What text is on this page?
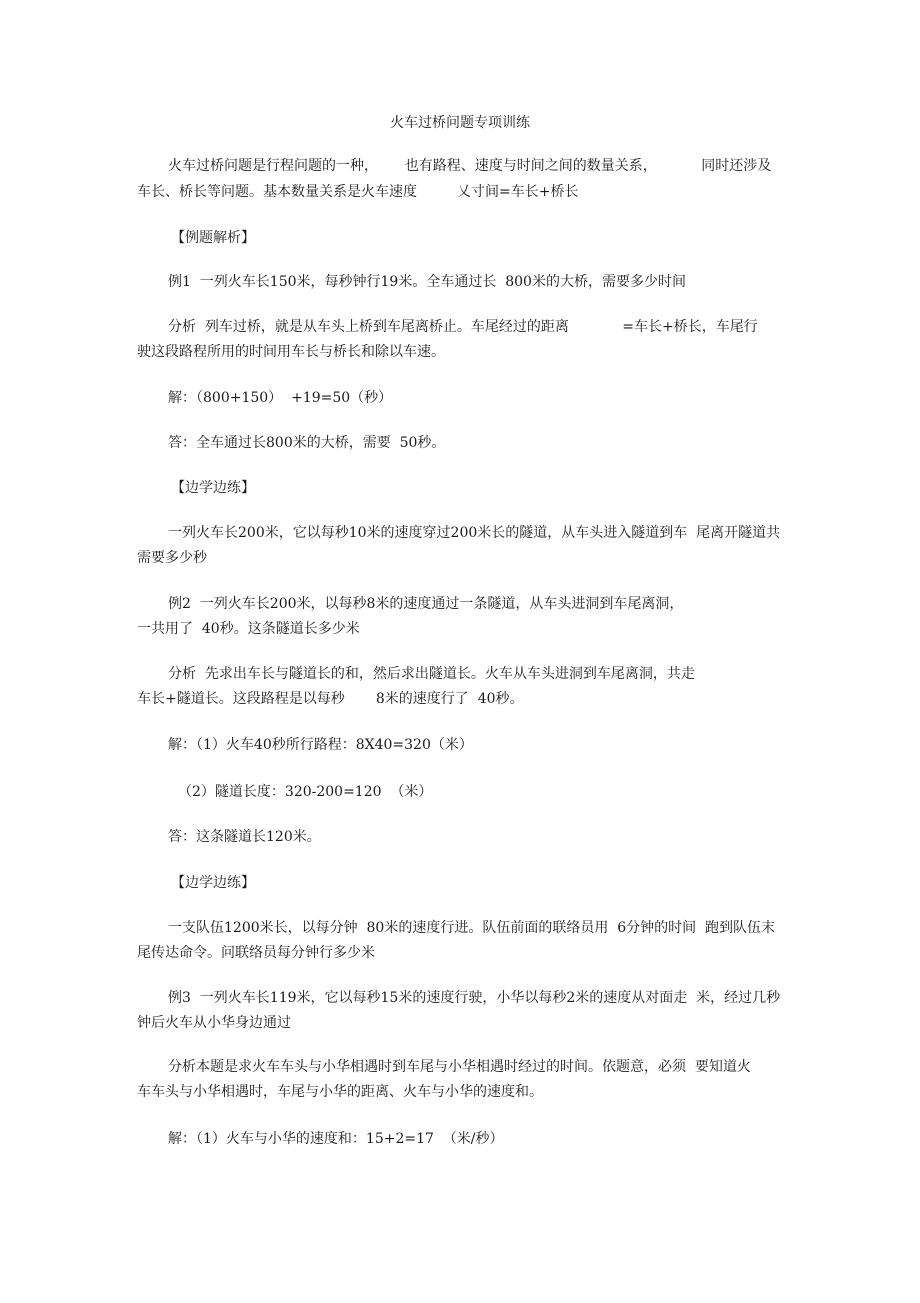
火车过桥问题专项训练

火车过桥问题是行程问题的一种，      也有路程、速度与时间之间的数量关系，          同时还涉及

车长、桥长等问题。基本数量关系是火车速度         乂寸间=车长+桥长

【例题解析】

例1  一列火车长150米，每秒钟行19米。全车通过长  800米的大桥，需要多少时间

分析  列车过桥，就是从车头上桥到车尾离桥止。车尾经过的距离            =车长+桥长，车尾行

驶这段路程所用的时间用车长与桥长和除以车速。

解：（800+150）  +19=50（秒）

答：全车通过长800米的大桥，需要  50秒。

【边学边练】

一列火车长200米，它以每秒10米的速度穿过200米长的隧道，从车头进入隧道到车  尾离开隧道共

需要多少秒

例2  一列火车长200米，以每秒8米的速度通过一条隧道，从车头进洞到车尾离洞，

一共用了  40秒。这条隧道长多少米

分析  先求出车长与隧道长的和，然后求出隧道长。火车从车头进洞到车尾离洞，共走

车长+隧道长。这段路程是以每秒       8米的速度行了  40秒。

解：（1）火车40秒所行路程：8X40=320（米）

（2）隧道长度：320-200=120  （米）

答：这条隧道长120米。

【边学边练】

一支队伍1200米长，以每分钟  80米的速度行进。队伍前面的联络员用  6分钟的时间  跑到队伍末

尾传达命令。问联络员每分钟行多少米

例3  一列火车长119米，它以每秒15米的速度行驶，小华以每秒2米的速度从对面走  米，经过几秒

钟后火车从小华身边通过

分析本题是求火车车头与小华相遇时到车尾与小华相遇时经过的时间。依题意，必须  要知道火

车车头与小华相遇时，车尾与小华的距离、火车与小华的速度和。

解：（1）火车与小华的速度和：15+2=17  （米/秒）
